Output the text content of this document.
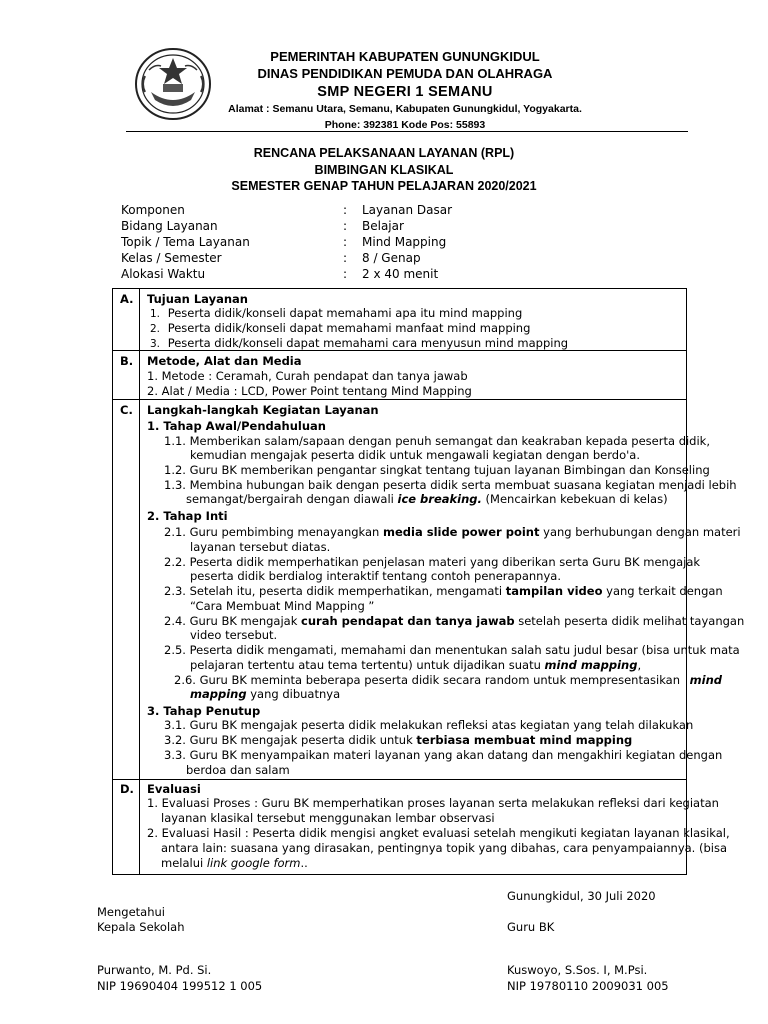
PEMERINTAH KABUPATEN GUNUNGKIDUL
DINAS PENDIDIKAN PEMUDA DAN OLAHRAGA
SMP NEGERI 1 SEMANU
Alamat : Semanu Utara, Semanu, Kabupaten Gunungkidul, Yogyakarta.
Phone: 392381 Kode Pos: 55893
RENCANA PELAKSANAAN LAYANAN (RPL)
BIMBINGAN KLASIKAL
SEMESTER GENAP TAHUN PELAJARAN 2020/2021
Komponen	:	Layanan Dasar
Bidang Layanan	:	Belajar
Topik / Tema Layanan	:	Mind Mapping
Kelas / Semester	:	8 / Genap
Alokasi Waktu	:	2 x 40 menit
A. Tujuan Layanan
1. Peserta didik/konseli dapat memahami apa itu mind mapping
2. Peserta didik/konseli dapat memahami manfaat mind mapping
3. Peserta didk/konseli dapat memahami cara menyusun mind mapping
B. Metode, Alat dan Media
1. Metode : Ceramah, Curah pendapat dan tanya jawab
2. Alat / Media : LCD, Power Point tentang Mind Mapping
C. Langkah-langkah Kegiatan Layanan
1. Tahap Awal/Pendahuluan
1.1. Memberikan salam/sapaan dengan penuh semangat dan keakraban kepada peserta didik,
kemudian mengajak peserta didik untuk mengawali kegiatan dengan berdo'a.
1.2. Guru BK memberikan pengantar singkat tentang tujuan layanan Bimbingan dan Konseling
1.3. Membina hubungan baik dengan peserta didik serta membuat suasana kegiatan menjadi lebih
semangat/bergairah dengan diawali ice breaking. (Mencairkan kebekuan di kelas)
2. Tahap Inti
2.1. Guru pembimbing menayangkan media slide power point yang berhubungan dengan materi
layanan tersebut diatas.
2.2. Peserta didik memperhatikan penjelasan materi yang diberikan serta Guru BK mengajak
peserta didik berdialog interaktif tentang contoh penerapannya.
2.3. Setelah itu, peserta didik memperhatikan, mengamati tampilan video yang terkait dengan
“Cara Membuat Mind Mapping ”
2.4. Guru BK mengajak curah pendapat dan tanya jawab setelah peserta didik melihat tayangan
video tersebut.
2.5. Peserta didik mengamati, memahami dan menentukan salah satu judul besar (bisa untuk mata
pelajaran tertentu atau tema tertentu) untuk dijadikan suatu mind mapping,
2.6. Guru BK meminta beberapa peserta didik secara random untuk mempresentasikan mind
mapping yang dibuatnya
3. Tahap Penutup
3.1. Guru BK mengajak peserta didik melakukan refleksi atas kegiatan yang telah dilakukan
3.2. Guru BK mengajak peserta didik untuk terbiasa membuat mind mapping
3.3. Guru BK menyampaikan materi layanan yang akan datang dan mengakhiri kegiatan dengan
berdoa dan salam
D. Evaluasi
1. Evaluasi Proses : Guru BK memperhatikan proses layanan serta melakukan refleksi dari kegiatan
layanan klasikal tersebut menggunakan lembar observasi
2. Evaluasi Hasil : Peserta didik mengisi angket evaluasi setelah mengikuti kegiatan layanan klasikal,
antara lain: suasana yang dirasakan, pentingnya topik yang dibahas, cara penyampaiannya. (bisa
melalui link google form..
Gunungkidul, 30 Juli 2020
Mengetahui
Kepala Sekolah	Guru BK
Purwanto, M. Pd. Si.
NIP 19690404 199512 1 005
Kuswoyo, S.Sos. I, M.Psi.
NIP 19780110 2009031 005
